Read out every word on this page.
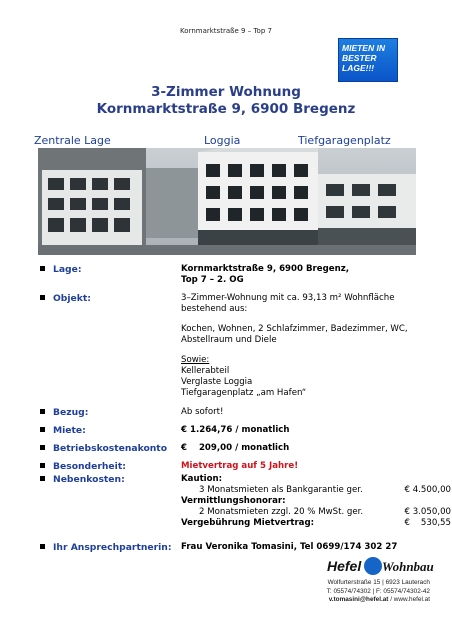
Kornmarktstraße 9 – Top 7
MIETEN IN
BESTER
LAGE!!!
3-Zimmer Wohnung
Kornmarktstraße 9, 6900 Bregenz
Zentrale Lage	Loggia	Tiefgaragenplatz
Lage:	Kornmarktstraße 9, 6900 Bregenz,
Top 7 – 2. OG
Objekt:	3–Zimmer-Wohnung mit ca. 93,13 m² Wohnfläche
bestehend aus:
Kochen, Wohnen, 2 Schlafzimmer, Badezimmer, WC,
Abstellraum und Diele
Sowie:
Kellerabteil
Verglaste Loggia
Tiefgaragenplatz „am Hafen“
Bezug:	Ab sofort!
Miete:	€ 1.264,76 / monatlich
Betriebskostenakonto €    209,00 / monatlich
Besonderheit:	Mietvertrag auf 5 Jahre!
Nebenkosten:	Kaution:
3 Monatsmieten als Bankgarantie ger.	€ 4.500,00
Vermittlungshonorar:
2 Monatsmieten zzgl. 20 % MwSt. ger.	€ 3.050,00
Vergebührung Mietvertrag:	€    530,55
Ihr Ansprechpartnerin: Frau Veronika Tomasini, Tel 0699/174 302 27
Hefel Wohnbau
Wolfurterstraße 15 | 6923 Lauterach
T: 05574/74302 | F: 05574/74302-42
v.tomasini@hefel.at / www.hefel.at
